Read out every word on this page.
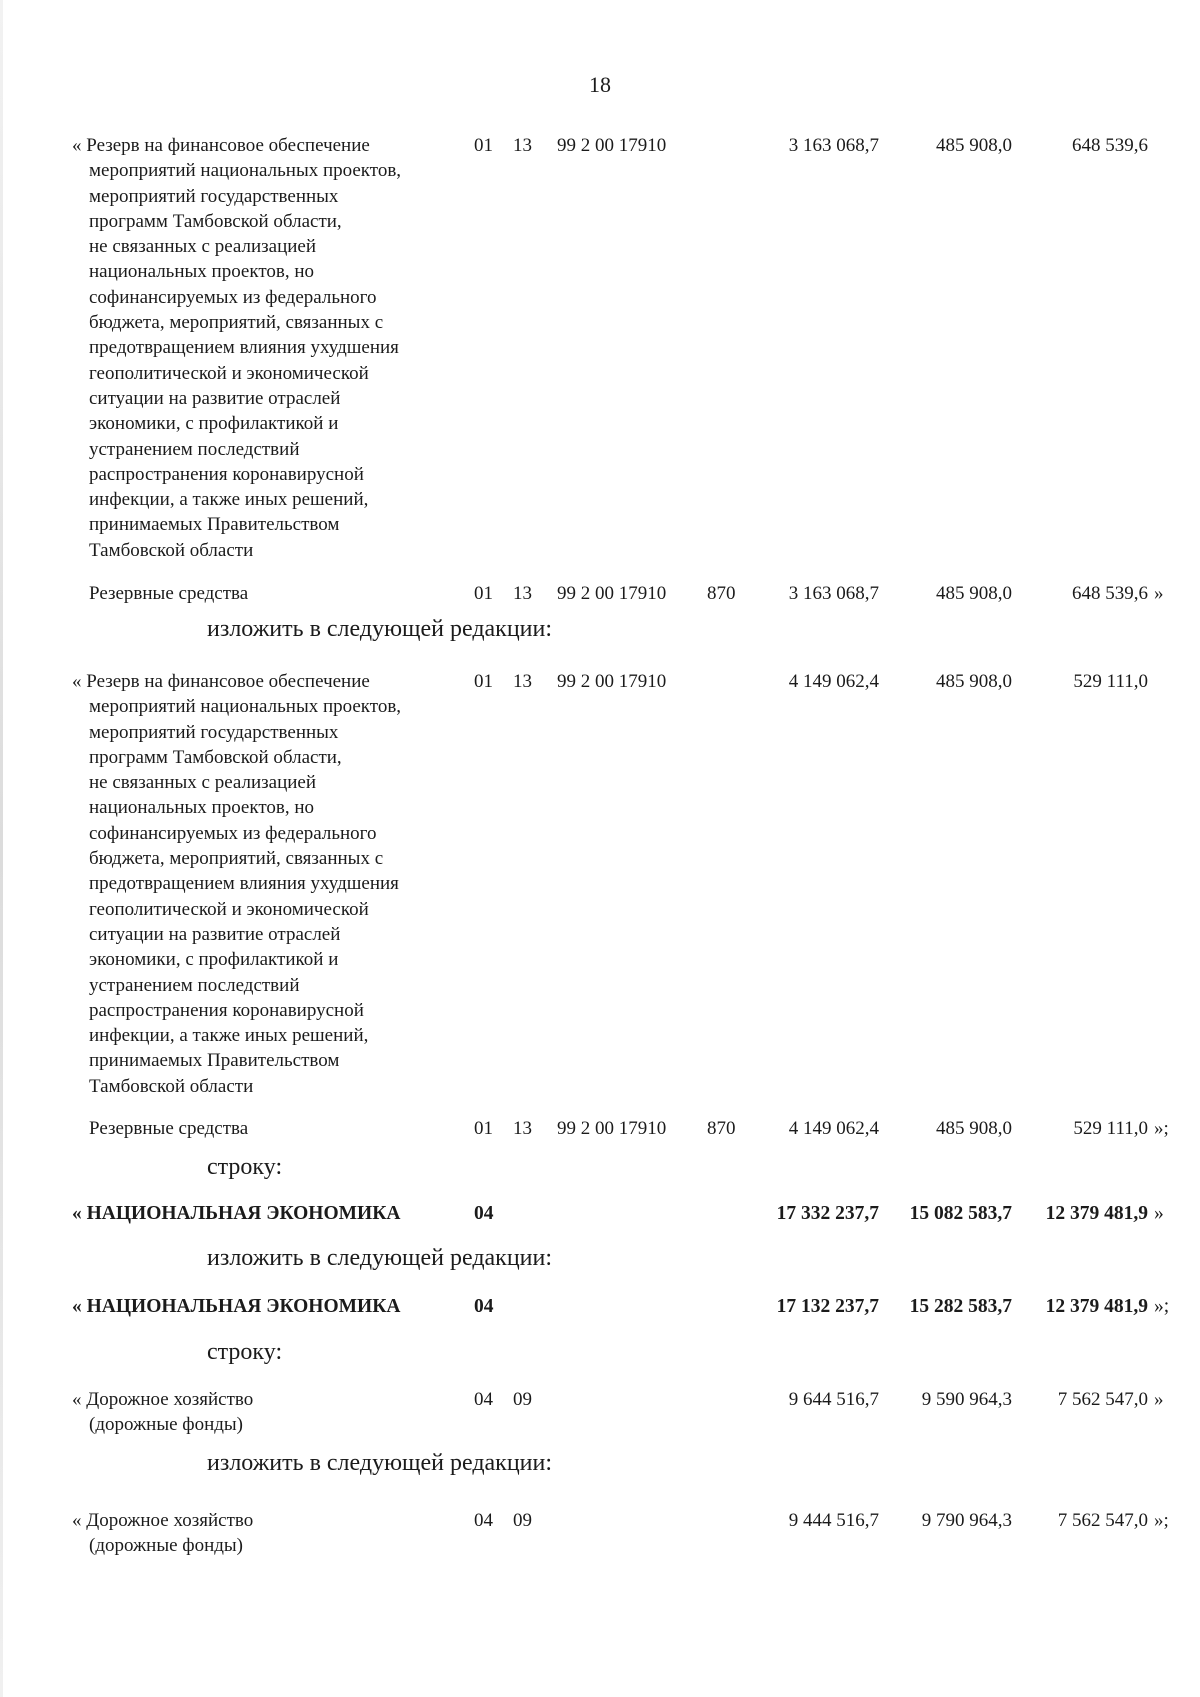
18
« Резерв на финансовое обеспечение
мероприятий национальных проектов,
мероприятий государственных
программ Тамбовской области,
не связанных с реализацией
национальных проектов, но
софинансируемых из федерального
бюджета, мероприятий, связанных с
предотвращением влияния ухудшения
геополитической и экономической
ситуации на развитие отраслей
экономики, с профилактикой и
устранением последствий
распространения коронавирусной
инфекции, а также иных решений,
принимаемых Правительством
Тамбовской области
01 13 99 2 00 17910	3 163 068,7	485 908,0	648 539,6
Резервные средства	01 13 99 2 00 17910 870	3 163 068,7	485 908,0	648 539,6 »
изложить в следующей редакции:
« Резерв на финансовое обеспечение
мероприятий национальных проектов,
мероприятий государственных
программ Тамбовской области,
не связанных с реализацией
национальных проектов, но
софинансируемых из федерального
бюджета, мероприятий, связанных с
предотвращением влияния ухудшения
геополитической и экономической
ситуации на развитие отраслей
экономики, с профилактикой и
устранением последствий
распространения коронавирусной
инфекции, а также иных решений,
принимаемых Правительством
Тамбовской области
01 13 99 2 00 17910	4 149 062,4	485 908,0	529 111,0
Резервные средства	01 13 99 2 00 17910 870	4 149 062,4	485 908,0	529 111,0 »;
строку:
« НАЦИОНАЛЬНАЯ ЭКОНОМИКА	04	17 332 237,7	15 082 583,7	12 379 481,9 »
изложить в следующей редакции:
« НАЦИОНАЛЬНАЯ ЭКОНОМИКА	04	17 132 237,7	15 282 583,7	12 379 481,9 »;
строку:
« Дорожное хозяйство
(дорожные фонды)
04 09	9 644 516,7	9 590 964,3	7 562 547,0 »
изложить в следующей редакции:
« Дорожное хозяйство
(дорожные фонды)
04 09	9 444 516,7	9 790 964,3	7 562 547,0 »;
